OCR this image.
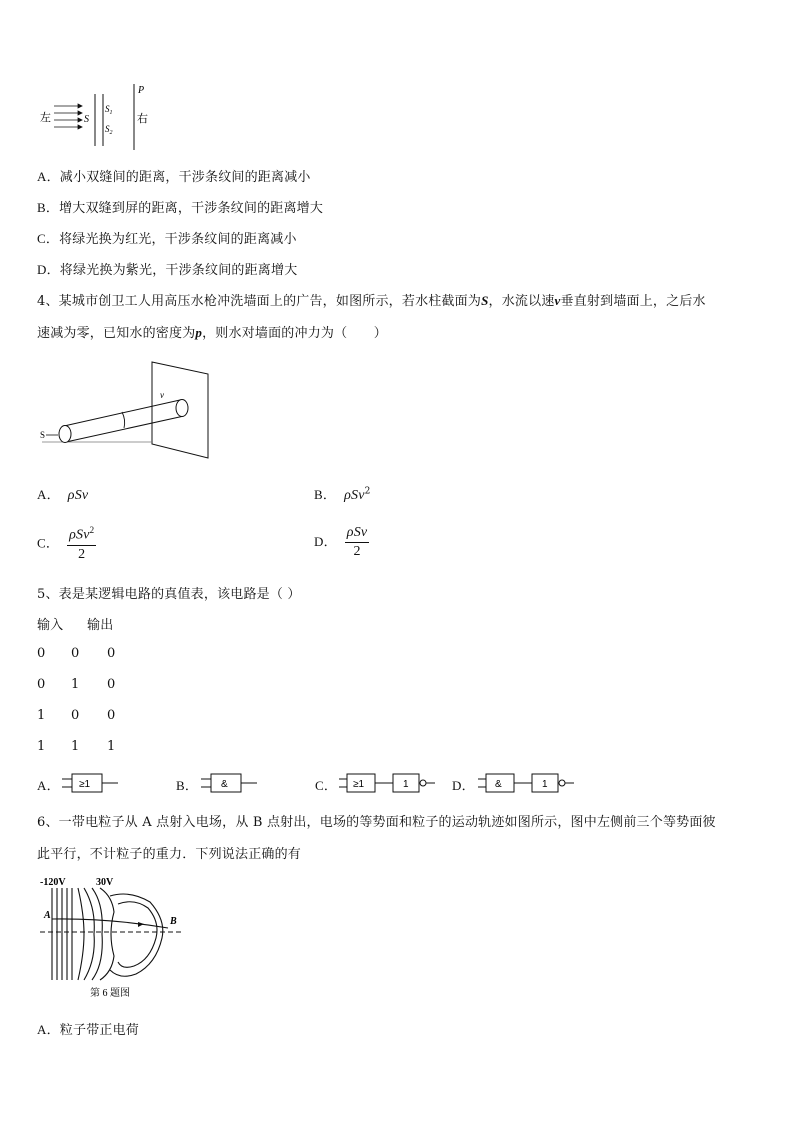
左	S
$S_1$
$S_2$
P
右
A．减小双缝间的距离，干涉条纹间的距离减小
B．增大双缝到屏的距离，干涉条纹间的距离增大
C．将绿光换为红光，干涉条纹间的距离减小
D．将绿光换为紫光，干涉条纹间的距离增大
4、某城市创卫工人用高压水枪冲洗墙面上的广告，如图所示，若水柱截面为S，水流以速v垂直射到墙面上，之后水
速减为零，已知水的密度为p，则水对墙面的冲力为（　　）
S
v
A． ρSv	B． ρSv$^2$
C． $\frac{\rho Sv^2}{2}$	D． $\frac{\text{ρSv}}{2}$
5、表是某逻辑电路的真值表，该电路是（ ）
输入 输出
0 0 0
0 1 0
1 0 0
1 1 1
A． ≥1	B． &	C． ≥1	1	D． &	1
6、一带电粒子从 A 点射入电场，从 B 点射出，电场的等势面和粒子的运动轨迹如图所示，图中左侧前三个等势面彼
此平行，不计粒子的重力．下列说法正确的有
-120V	30V
A
B
第 6 题图
A．粒子带正电荷
